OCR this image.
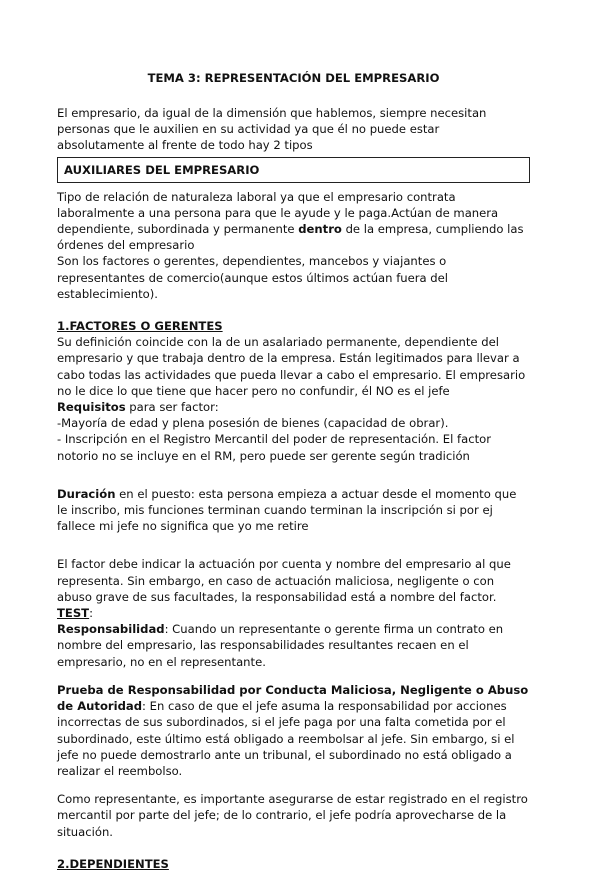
TEMA 3: REPRESENTACIÓN DEL EMPRESARIO

El empresario, da igual de la dimensión que hablemos, siempre necesitan personas que le auxilien en su actividad ya que él no puede estar absolutamente al frente de todo hay 2 tipos

AUXILIARES DEL EMPRESARIO

Tipo de relación de naturaleza laboral ya que el empresario contrata laboralmente a una persona para que le ayude y le paga.Actúan de manera dependiente, subordinada y permanente dentro de la empresa, cumpliendo las órdenes del empresario

Son los factores o gerentes, dependientes, mancebos y viajantes o representantes de comercio(aunque estos últimos actúan fuera del establecimiento).

1.FACTORES O GERENTES

Su definición coincide con la de un asalariado permanente, dependiente del empresario y que trabaja dentro de la empresa. Están legitimados para llevar a cabo todas las actividades que pueda llevar a cabo el empresario. El empresario no le dice lo que tiene que hacer pero no confundir, él NO es el jefe

Requisitos para ser factor:

-Mayoría de edad y plena posesión de bienes (capacidad de obrar).

- Inscripción en el Registro Mercantil del poder de representación. El factor notorio no se incluye en el RM, pero puede ser gerente según tradición

Duración en el puesto: esta persona empieza a actuar desde el momento que le inscribo, mis funciones terminan cuando terminan la inscripción si por ej fallece mi jefe no significa que yo me retire

El factor debe indicar la actuación por cuenta y nombre del empresario al que representa. Sin embargo, en caso de actuación maliciosa, negligente o con abuso grave de sus facultades, la responsabilidad está a nombre del factor.

TEST:

Responsabilidad: Cuando un representante o gerente firma un contrato en nombre del empresario, las responsabilidades resultantes recaen en el empresario, no en el representante.

Prueba de Responsabilidad por Conducta Maliciosa, Negligente o Abuso de Autoridad: En caso de que el jefe asuma la responsabilidad por acciones incorrectas de sus subordinados, si el jefe paga por una falta cometida por el subordinado, este último está obligado a reembolsar al jefe. Sin embargo, si el jefe no puede demostrarlo ante un tribunal, el subordinado no está obligado a realizar el reembolso.

Como representante, es importante asegurarse de estar registrado en el registro mercantil por parte del jefe; de lo contrario, el jefe podría aprovecharse de la situación.

2.DEPENDIENTES
